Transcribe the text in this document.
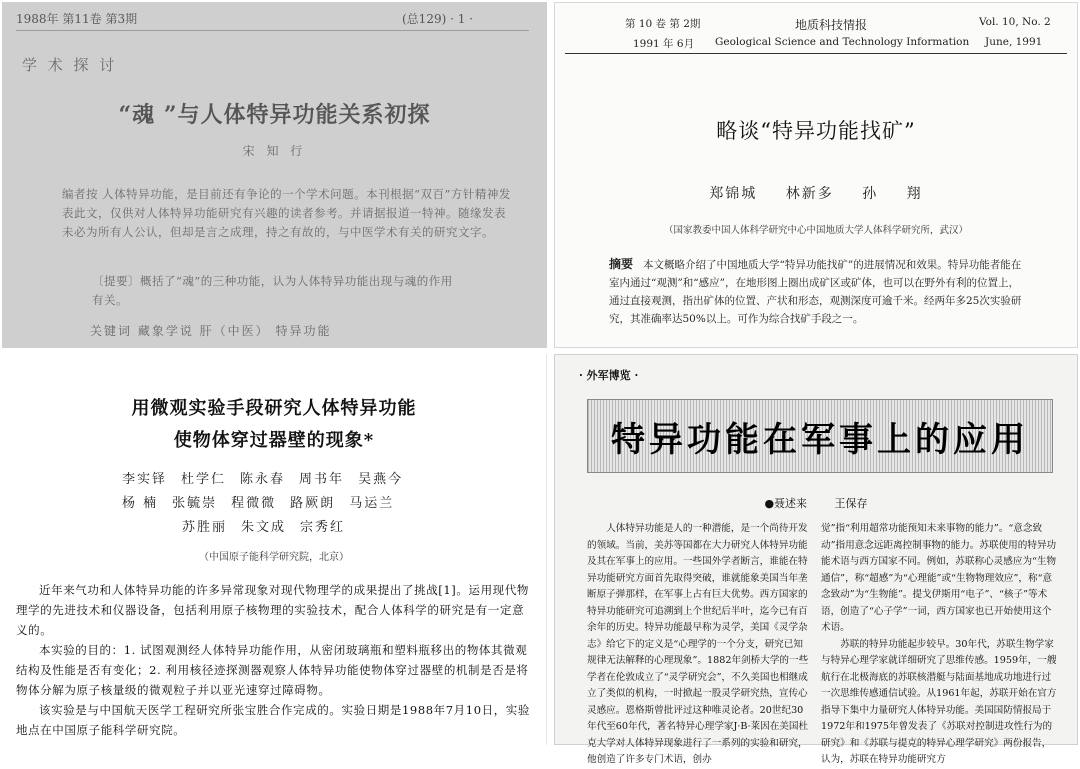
1988年 第11卷 第3期	(总129) · 1 ·
学 术 探 讨
“魂 ”与人体特异功能关系初探
宋 知 行
编者按 人体特异功能，是目前还有争论的一个学术问题。本刊根据“双百”方针精神发表此文，仅供对人体特异功能研究有兴趣的读者参考。并请据报道一特神。随缘发表未必为所有人公认，但却是言之成理，持之有故的，与中医学术有关的研究文字。
〔提要〕概括了“魂”的三种功能，认为人体特异功能出现与魂的作用有关。
关键词 藏象学说 肝（中医） 特异功能
第 10 卷 第 2期
1991 年 6月
地质科技情报
Geological Science and Technology Information
Vol. 10, No. 2
June, 1991
略谈“特异功能找矿”
郑锦城 林新多 孙 翔
（国家教委中国人体科学研究中心中国地质大学人体科学研究所，武汉）
摘要 本文概略介绍了中国地质大学“特异功能找矿”的进展情况和效果。特异功能者能在室内通过“观测”和“感应”，在地形图上圈出成矿区或矿体，也可以在野外有利的位置上，通过直接观测，指出矿体的位置、产状和形态，观测深度可逾千米。经两年多25次实验研究，其准确率达50%以上。可作为综合找矿手段之一。
用微观实验手段研究人体特异功能
使物体穿过器壁的现象*
李实铎 杜学仁 陈永春 周书年 吴燕今
杨 楠 张毓崇 程微微 路厥朗 马运兰
苏胜丽 朱文成 宗秀红
（中国原子能科学研究院，北京）
近年来气功和人体特异功能的许多异常现象对现代物理学的成果提出了挑战[1]。运用现代物理学的先进技术和仪器设备，包括利用原子核物理的实验技术，配合人体科学的研究是有一定意义的。
本实验的目的：1. 试图观测经人体特异功能作用，从密闭玻璃瓶和塑料瓶移出的物体其微观结构及性能是否有变化；2. 利用核径迹探测器观察人体特异功能使物体穿过器壁的机制是否是将物体分解为原子核量级的微观粒子并以亚光速穿过障碍物。
该实验是与中国航天医学工程研究所张宝胜合作完成的。实验日期是1988年7月10日，实验地点在中国原子能科学研究院。
· 外军博览 ·
特异功能在军事上的应用
●聂述来 王保存
人体特异功能是人的一种潜能，是一个尚待开发的领域。当前，美苏等国都在大力研究人体特异功能及其在军事上的应用。一些国外学者断言，谁能在特异功能研究方面首先取得突破，谁就能象美国当年垄断原子弹那样，在军事上占有巨大优势。西方国家的特异功能研究可追溯到上个世纪后半叶，迄今已有百余年的历史。特异功能最早称为灵学，美国《灵学杂志》给它下的定义是“心理学的一个分支，研究已知规律无法解释的心理现象”。1882年剑桥大学的一些学者在伦敦成立了“灵学研究会”，不久美国也相继成立了类似的机构，一时掀起一股灵学研究热，宣传心灵感应。恩格斯曾批评过这种唯灵论者。20世纪30年代至60年代，著名特异心理学家J·B·莱因在美国杜克大学对人体特异现象进行了一系列的实验和研究，他创造了许多专门术语，创办

觉”指“利用超常功能预知未来事物的能力”。“意念致动”指用意念远距离控制事物的能力。苏联使用的特异功能术语与西方国家不同。例如，苏联称心灵感应为“生物通信”，称“超感”为“心理能”或“生物物理效应”，称“意念致动”为“生物能”。提戈伊斯用“电子”、“核子”等术语，创造了“心子学”一词，西方国家也已开始使用这个术语。

苏联的特异功能起步较早。30年代，苏联生物学家与特异心理学家就详细研究了思维传感。1959年，一艘航行在北极海底的苏联核潜艇与陆面基地成功地进行过一次思维传感通信试验。从1961年起，苏联开始在官方指导下集中力量研究人体特异功能。美国国防情报局于1972年和1975年曾发表了《苏联对控制进攻性行为的研究》和《苏联与提克的特异心理学研究》两份报告，认为，苏联在特异功能研究方
